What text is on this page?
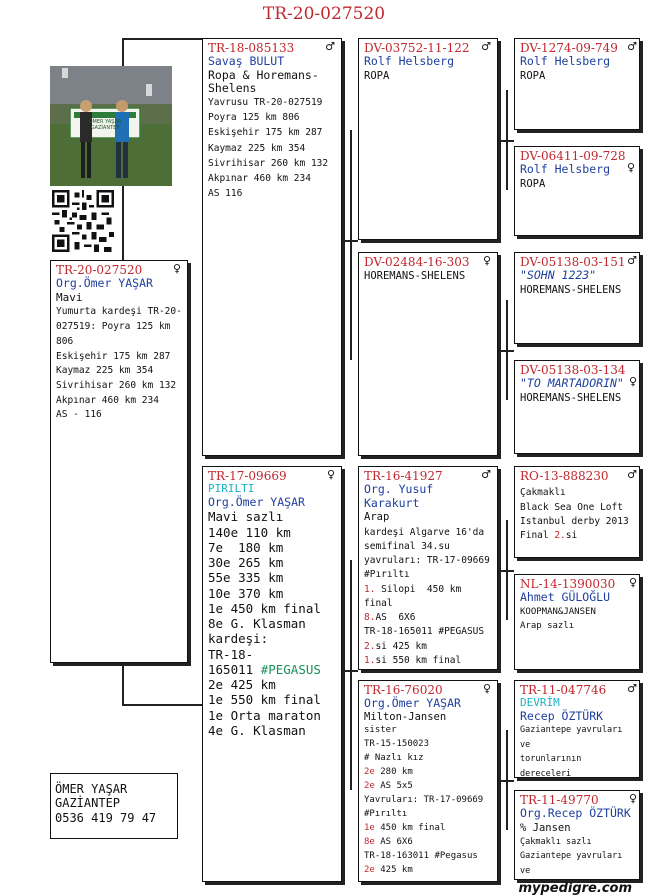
TR-20-027520
ÖMER YAŞAR
GAZİANTEP
TR-20-027520	♀
Org.Ömer YAŞAR
Mavi
Yumurta kardeşi TR-20-
027519: Poyra 125 km
806
Eskişehir 175 km 287
Kaymaz 225 km 354
Sivrihisar 260 km 132
Akpınar 460 km 234
AS - 116
TR-18-085133	♂
Savaş BULUT
Ropa & Horemans-
Shelens
Yavrusu TR-20-027519
Poyra 125 km 806
Eskişehir 175 km 287
Kaymaz 225 km 354
Sivrihisar 260 km 132
Akpınar 460 km 234
AS 116
TR-17-09669	♀
PIRILTI
Org.Ömer YAŞAR
Mavi sazlı
140e 110 km
7e  180 km
30e 265 km
55e 335 km
10e 370 km
1e 450 km final
8e G. Klasman
kardeşi:
TR-18-
165011 #PEGASUS
2e 425 km
1e 550 km final
1e Orta maraton
4e G. Klasman
DV-03752-11-122	♂
Rolf Helsberg
ROPA
DV-02484-16-303	♀
HOREMANS-SHELENS
TR-16-41927	♂
Org. Yusuf Karakurt
Arap
kardeşi Algarve 16'da
semifinal 34.su
yavruları: TR-17-09669
#Pırıltı
1. Silopi  450 km final
8.AS  6X6
TR-18-165011 #PEGASUS
2.si 425 km
1.si 550 km final
TR-16-76020	♀
Org.Ömer YAŞAR
Milton-Jansen
sister
TR-15-150023
# Nazlı kız
2e 280 km
2e AS 5x5
Yavruları: TR-17-09669
#Pırıltı
1e 450 km final
8e AS 6X6
TR-18-163011 #Pegasus
2e 425 km
DV-1274-09-749 ♂
Rolf Helsberg
ROPA
DV-06411-09-728
♀
Rolf Helsberg
ROPA
DV-05138-03-151 ♂
"SOHN 1223"
HOREMANS-SHELENS
DV-05138-03-134
♀
"TO MARTADORIN"
HOREMANS-SHELENS
RO-13-888230	♂
Çakmaklı
Black Sea One Loft
Istanbul derby 2013
Final 2.si
NL-14-1390030	♀
Ahmet GÜLOĞLU
KOOPMAN&JANSEN
Arap sazlı
TR-11-047746	♂
DEVRİM
Recep ÖZTÜRK
Gaziantepe yavruları ve
torunlarının dereceleri
TR-11-49770	♀
Org.Recep ÖZTÜRK
% Jansen
Çakmaklı sazlı
Gaziantepe yavruları ve
ÖMER YAŞAR
GAZİANTEP
0536 419 79 47
mypedigre.com
